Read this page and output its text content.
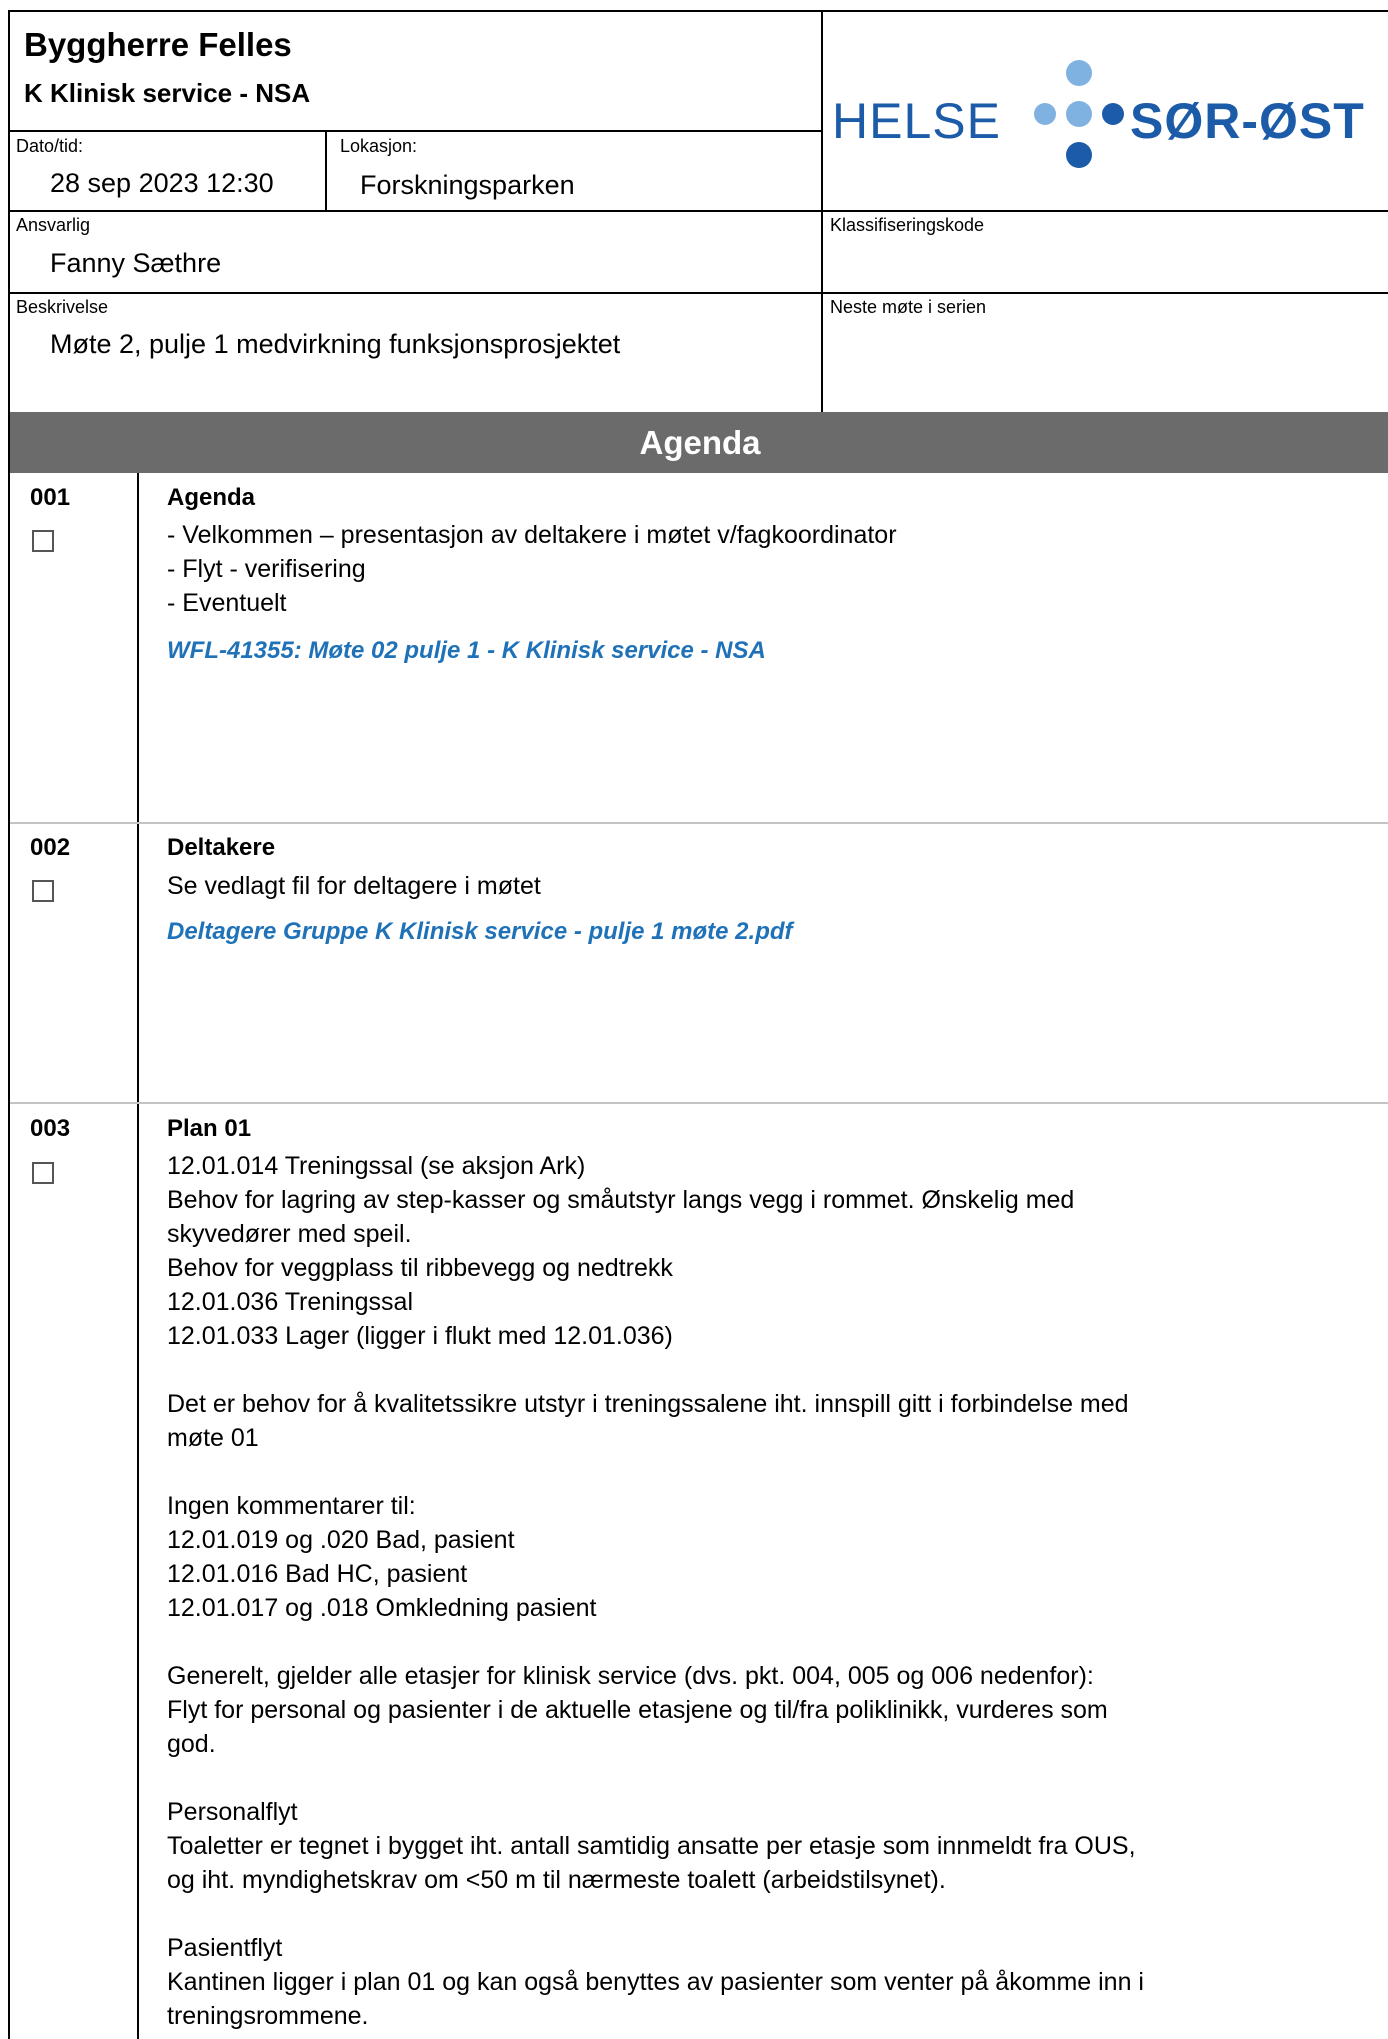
Byggherre Felles
K Klinisk service - NSA
Dato/tid:
28 sep 2023 12:30
Lokasjon:
Forskningsparken
Ansvarlig
Fanny Sæthre
Klassifiseringskode
Beskrivelse
Møte 2, pulje 1 medvirkning funksjonsprosjektet
Neste møte i serien
HELSE	SØR-ØST
Agenda
001	Agenda

- Velkommen – presentasjon av deltakere i møtet v/fagkoordinator

- Flyt - verifisering

- Eventuelt

WFL-41355: Møte 02 pulje 1 - K Klinisk service - NSA
002	Deltakere

Se vedlagt fil for deltagere i møtet

Deltagere Gruppe K Klinisk service - pulje 1 møte 2.pdf
003	Plan 01

12.01.014 Treningssal (se aksjon Ark)

Behov for lagring av step-kasser og småutstyr langs vegg i rommet. Ønskelig med

skyvedører med speil.

Behov for veggplass til ribbevegg og nedtrekk

12.01.036 Treningssal

12.01.033 Lager (ligger i flukt med 12.01.036)

Det er behov for å kvalitetssikre utstyr i treningssalene iht. innspill gitt i forbindelse med

møte 01

Ingen kommentarer til:

12.01.019 og .020 Bad, pasient

12.01.016 Bad HC, pasient

12.01.017 og .018 Omkledning pasient

Generelt, gjelder alle etasjer for klinisk service (dvs. pkt. 004, 005 og 006 nedenfor):

Flyt for personal og pasienter i de aktuelle etasjene og til/fra poliklinikk, vurderes som

god.

Personalflyt

Toaletter er tegnet i bygget iht. antall samtidig ansatte per etasje som innmeldt fra OUS,

og iht. myndighetskrav om <50 m til nærmeste toalett (arbeidstilsynet).

Pasientflyt

Kantinen ligger i plan 01 og kan også benyttes av pasienter som venter på åkomme inn i

treningsrommene.
